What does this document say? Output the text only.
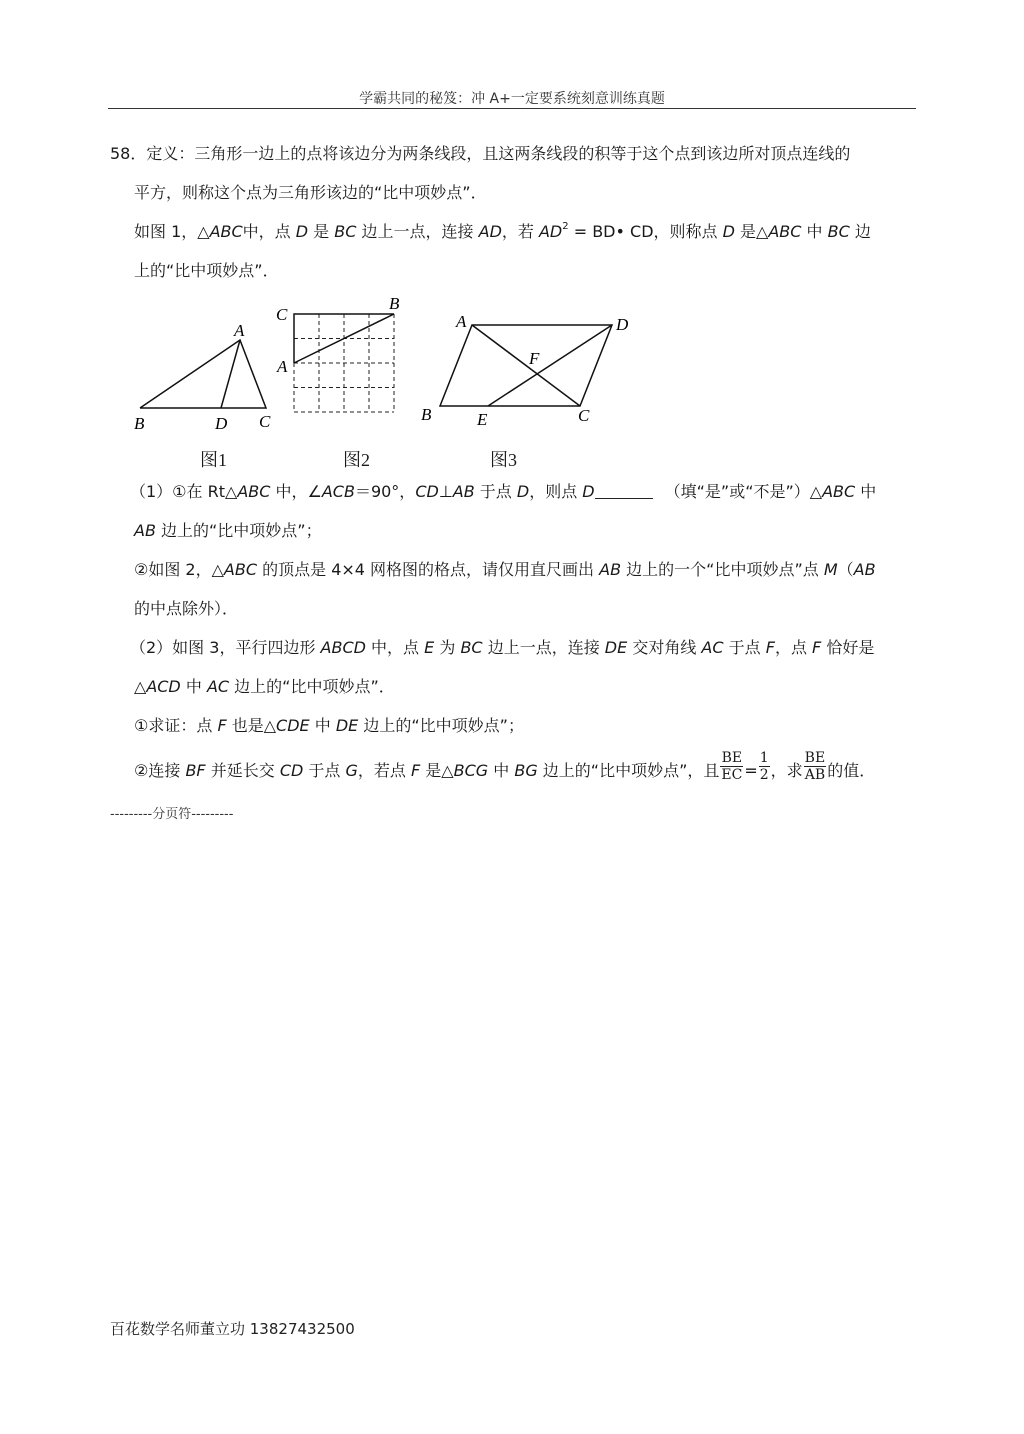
学霸共同的秘笈：冲 A+一定要系统刻意训练真题
58．定义：三角形一边上的点将该边分为两条线段，且这两条线段的积等于这个点到该边所对顶点连线的
平方，则称这个点为三角形该边的“比中项妙点”．
如图 1，△ABC中，点 D 是 BC 边上一点，连接 AD，若 $AD^2$ = BD• CD，则称点 D 是△ABC 中 BC 边
上的“比中项妙点”．
A
B	D C
C
B
A
A	D
F
B	E	C
图1	图2	图3
（1）①在 Rt△ABC 中，∠ACB＝90°，CD⊥AB 于点 D，则点 D	（填“是”或“不是”）△ABC 中
AB 边上的“比中项妙点”；
②如图 2，△ABC 的顶点是 4×4 网格图的格点，请仅用直尺画出 AB 边上的一个“比中项妙点”点 M（AB
的中点除外）．
（2）如图 3，平行四边形 ABCD 中，点 E 为 BC 边上一点，连接 DE 交对角线 AC 于点 F，点 F 恰好是
△ACD 中 AC 边上的“比中项妙点”．
①求证：点 F 也是△CDE 中 DE 边上的“比中项妙点”；
②连接 BF 并延长交 CD 于点 G，若点 F 是△BCG 中 BG 边上的“比中项妙点”，且 $\frac{BE}{EC} = \frac{1}{2}$ ，求 $\frac{BE}{AB}$ 的值．
---------分页符---------
百花数学名师董立功 13827432500
